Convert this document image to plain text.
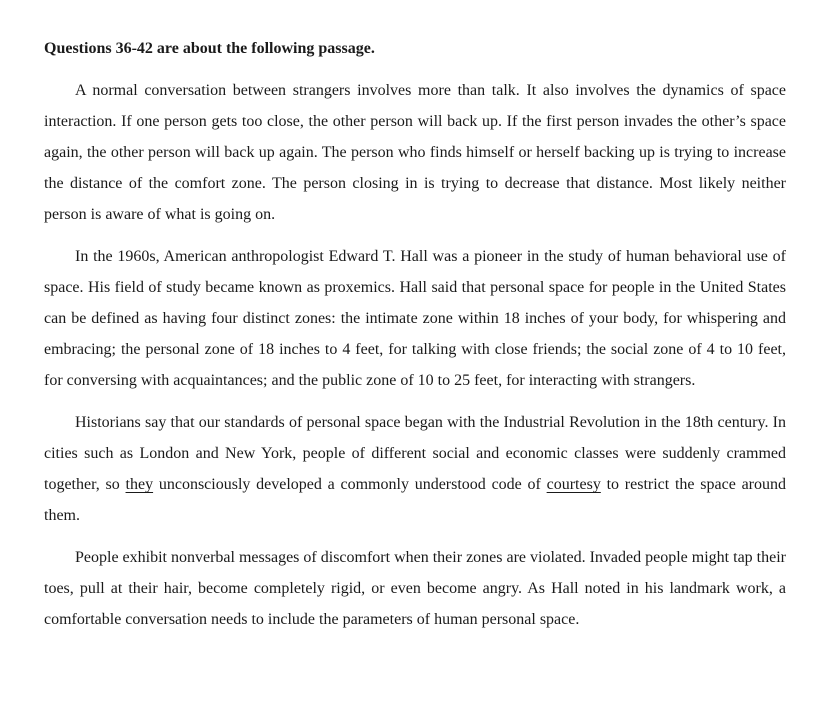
Questions 36-42 are about the following passage.

A normal conversation between strangers involves more than talk. It also involves the dynamics of space interaction. If one person gets too close, the other person will back up. If the first person invades the other’s space again, the other person will back up again. The person who finds himself or herself backing up is trying to increase the distance of the comfort zone. The person closing in is trying to decrease that distance. Most likely neither person is aware of what is going on.

In the 1960s, American anthropologist Edward T. Hall was a pioneer in the study of human behavioral use of space. His field of study became known as proxemics. Hall said that personal space for people in the United States can be defined as having four distinct zones: the intimate zone within 18 inches of your body, for whispering and embracing; the personal zone of 18 inches to 4 feet, for talking with close friends; the social zone of 4 to 10 feet, for conversing with acquaintances; and the public zone of 10 to 25 feet, for interacting with strangers.

Historians say that our standards of personal space began with the Industrial Revolution in the 18th century. In cities such as London and New York, people of different social and economic classes were suddenly crammed together, so they unconsciously developed a commonly understood code of courtesy to restrict the space around them.

People exhibit nonverbal messages of discomfort when their zones are violated. Invaded people might tap their toes, pull at their hair, become completely rigid, or even become angry. As Hall noted in his landmark work, a comfortable conversation needs to include the parameters of human personal space.
